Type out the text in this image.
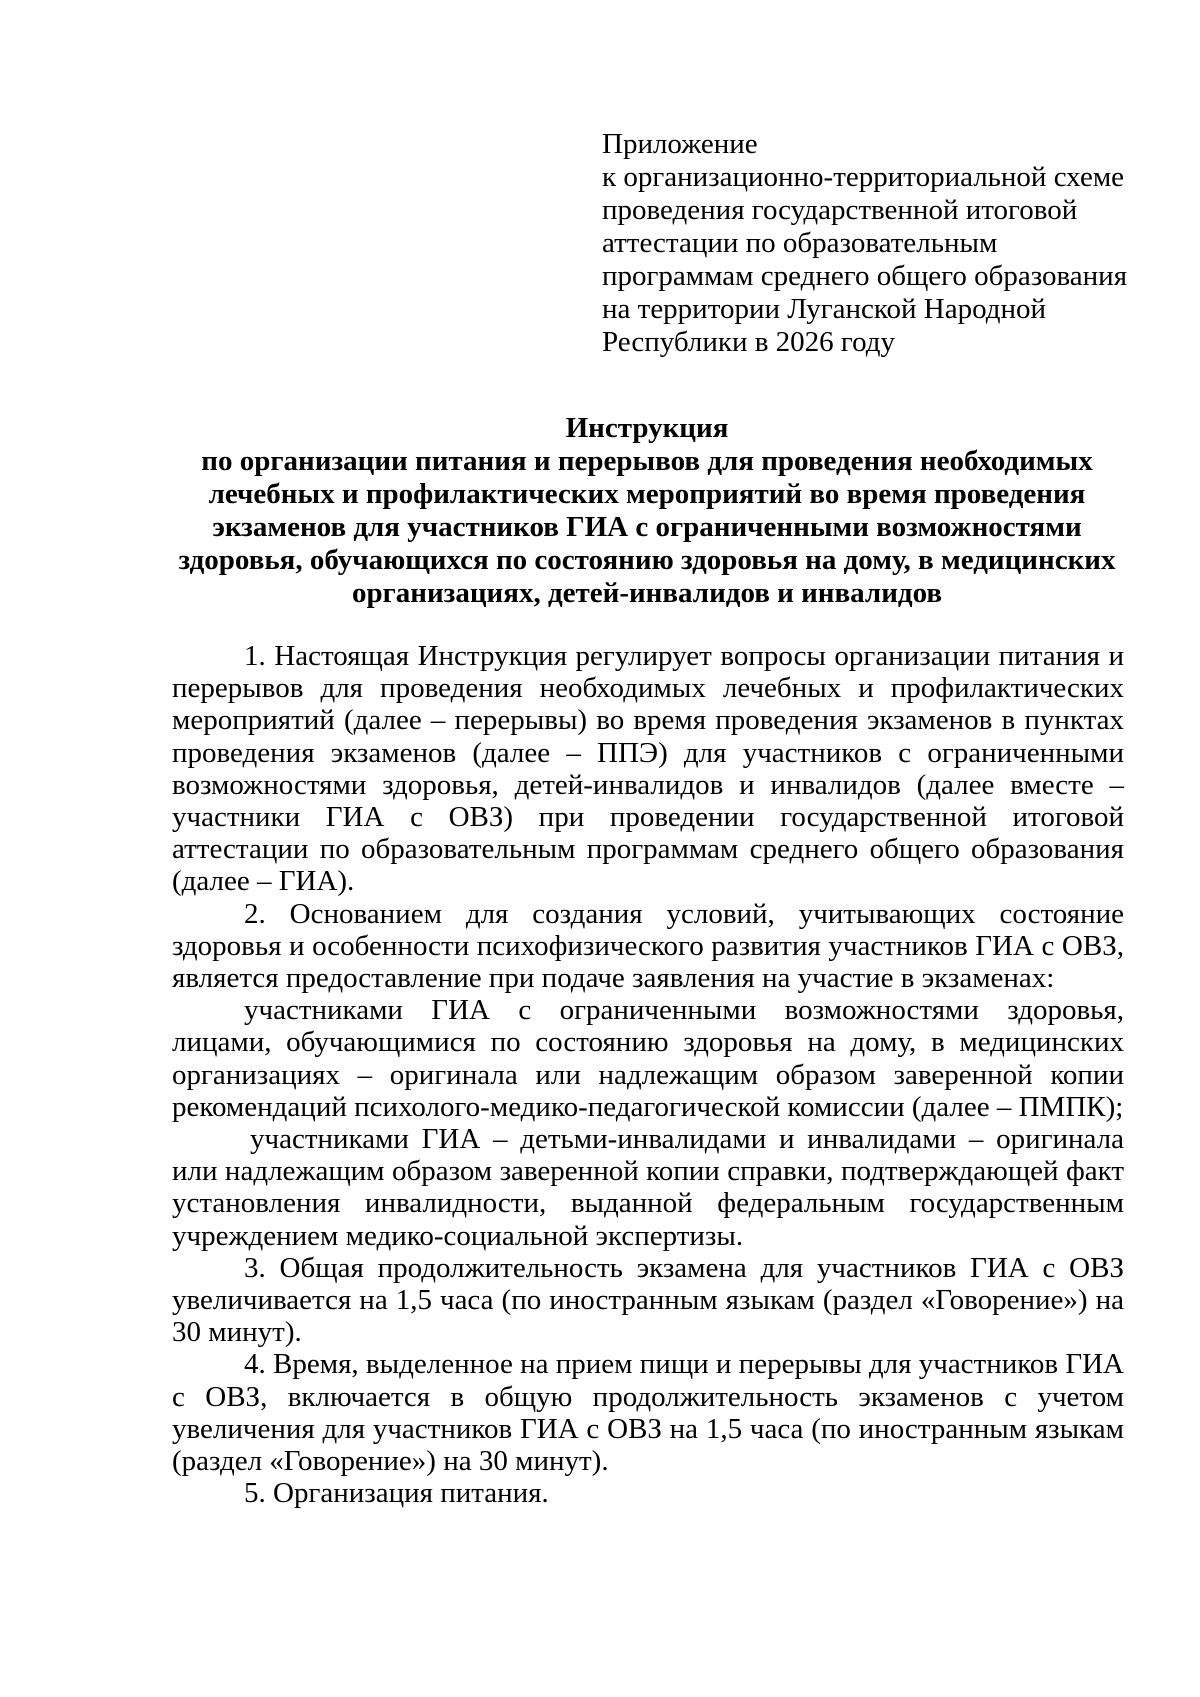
Приложение
к организационно-территориальной схеме
проведения государственной итоговой
аттестации по образовательным
программам среднего общего образования
на территории Луганской Народной
Республики в 2026 году
Инструкция
по организации питания и перерывов для проведения необходимых
лечебных и профилактических мероприятий во время проведения
экзаменов для участников ГИА с ограниченными возможностями
здоровья, обучающихся по состоянию здоровья на дому, в медицинских
организациях, детей-инвалидов и инвалидов

1. Настоящая Инструкция регулирует вопросы организации питания и перерывов для проведения необходимых лечебных и профилактических мероприятий (далее – перерывы) во время проведения экзаменов в пунктах проведения экзаменов (далее – ППЭ) для участников с ограниченными возможностями здоровья, детей-инвалидов и инвалидов (далее вместе – участники ГИА с ОВЗ) при проведении государственной итоговой аттестации по образовательным программам среднего общего образования (далее – ГИА).

2. Основанием для создания условий, учитывающих состояние здоровья и особенности психофизического развития участников ГИА с ОВЗ, является предоставление при подаче заявления на участие в экзаменах:

участниками ГИА с ограниченными возможностями здоровья, лицами, обучающимися по состоянию здоровья на дому, в медицинских организациях – оригинала или надлежащим образом заверенной копии рекомендаций психолого-медико-педагогической комиссии (далее – ПМПК);

участниками ГИА – детьми-инвалидами и инвалидами – оригинала или надлежащим образом заверенной копии справки, подтверждающей факт установления инвалидности, выданной федеральным государственным учреждением медико-социальной экспертизы.

3. Общая продолжительность экзамена для участников ГИА с ОВЗ увеличивается на 1,5 часа (по иностранным языкам (раздел «Говорение») на 30 минут).

4. Время, выделенное на прием пищи и перерывы для участников ГИА с ОВЗ, включается в общую продолжительность экзаменов с учетом увеличения для участников ГИА с ОВЗ на 1,5 часа (по иностранным языкам (раздел «Говорение») на 30 минут).

5. Организация питания.
